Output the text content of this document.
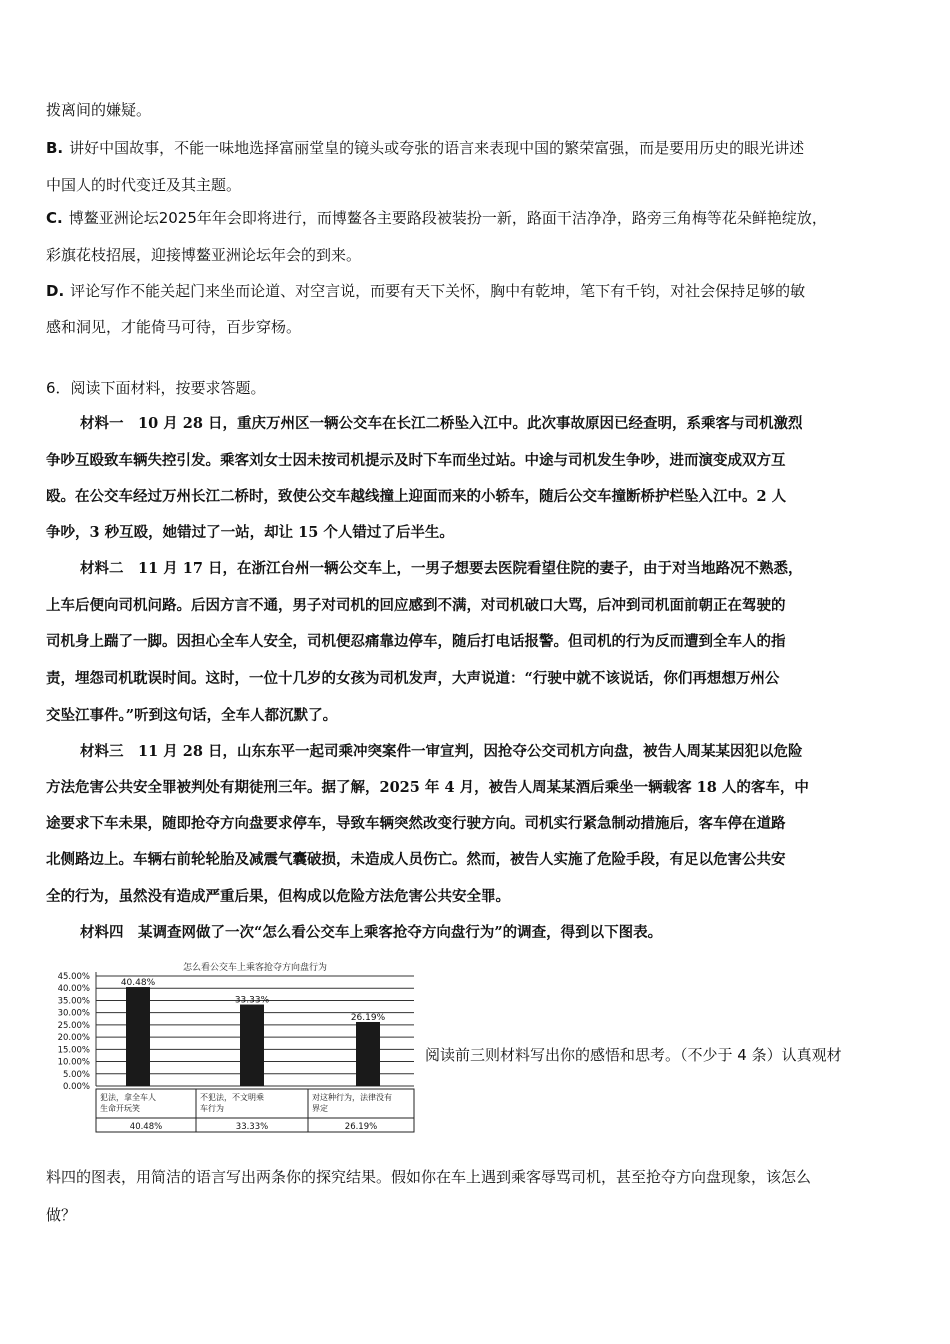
拨离间的嫌疑。
B. 讲好中国故事，不能一味地选择富丽堂皇的镜头或夸张的语言来表现中国的繁荣富强，而是要用历史的眼光讲述
中国人的时代变迁及其主题。
C. 博鳌亚洲论坛2025年年会即将进行，而博鳌各主要路段被装扮一新，路面干洁净净，路旁三角梅等花朵鲜艳绽放，
彩旗花枝招展，迎接博鳌亚洲论坛年会的到来。
D. 评论写作不能关起门来坐而论道、对空言说，而要有天下关怀，胸中有乾坤，笔下有千钧，对社会保持足够的敏
感和洞见，才能倚马可待，百步穿杨。
6．阅读下面材料，按要求答题。
材料一　10 月 28 日，重庆万州区一辆公交车在长江二桥坠入江中。此次事故原因已经查明，系乘客与司机激烈
争吵互殴致车辆失控引发。乘客刘女士因未按司机提示及时下车而坐过站。中途与司机发生争吵，进而演变成双方互
殴。在公交车经过万州长江二桥时，致使公交车越线撞上迎面而来的小轿车，随后公交车撞断桥护栏坠入江中。2 人
争吵，3 秒互殴，她错过了一站，却让 15 个人错过了后半生。
材料二　11 月 17 日，在浙江台州一辆公交车上，一男子想要去医院看望住院的妻子，由于对当地路况不熟悉，
上车后便向司机问路。后因方言不通，男子对司机的回应感到不满，对司机破口大骂，后冲到司机面前朝正在驾驶的
司机身上踹了一脚。因担心全车人安全，司机便忍痛靠边停车，随后打电话报警。但司机的行为反而遭到全车人的指
责，埋怨司机耽误时间。这时，一位十几岁的女孩为司机发声，大声说道：“行驶中就不该说话，你们再想想万州公
交坠江事件。”听到这句话，全车人都沉默了。
材料三　11 月 28 日，山东东平一起司乘冲突案件一审宣判，因抢夺公交司机方向盘，被告人周某某因犯以危险
方法危害公共安全罪被判处有期徒刑三年。据了解，2025 年 4 月，被告人周某某酒后乘坐一辆载客 18 人的客车，中
途要求下车未果，随即抢夺方向盘要求停车，导致车辆突然改变行驶方向。司机实行紧急制动措施后，客车停在道路
北侧路边上。车辆右前轮轮胎及减震气囊破损，未造成人员伤亡。然而，被告人实施了危险手段，有足以危害公共安
全的行为，虽然没有造成严重后果，但构成以危险方法危害公共安全罪。
材料四　某调查网做了一次“怎么看公交车上乘客抢夺方向盘行为”的调查，得到以下图表。
怎么看公交车上乘客抢夺方向盘行为
45.00%
40.00%
35.00%
30.00%
25.00%
20.00%
15.00%
10.00%
5.00%
0.00%
40.48%
33.33%
26.19%
犯法，拿全车人
生命开玩笑
40.48%
不犯法，不文明乘
车行为
33.33%
对这种行为，法律没有
界定
26.19%
阅读前三则材料写出你的感悟和思考。（不少于 4 条）认真观材
料四的图表，用简洁的语言写出两条你的探究结果。假如你在车上遇到乘客辱骂司机，甚至抢夺方向盘现象，该怎么
做？
